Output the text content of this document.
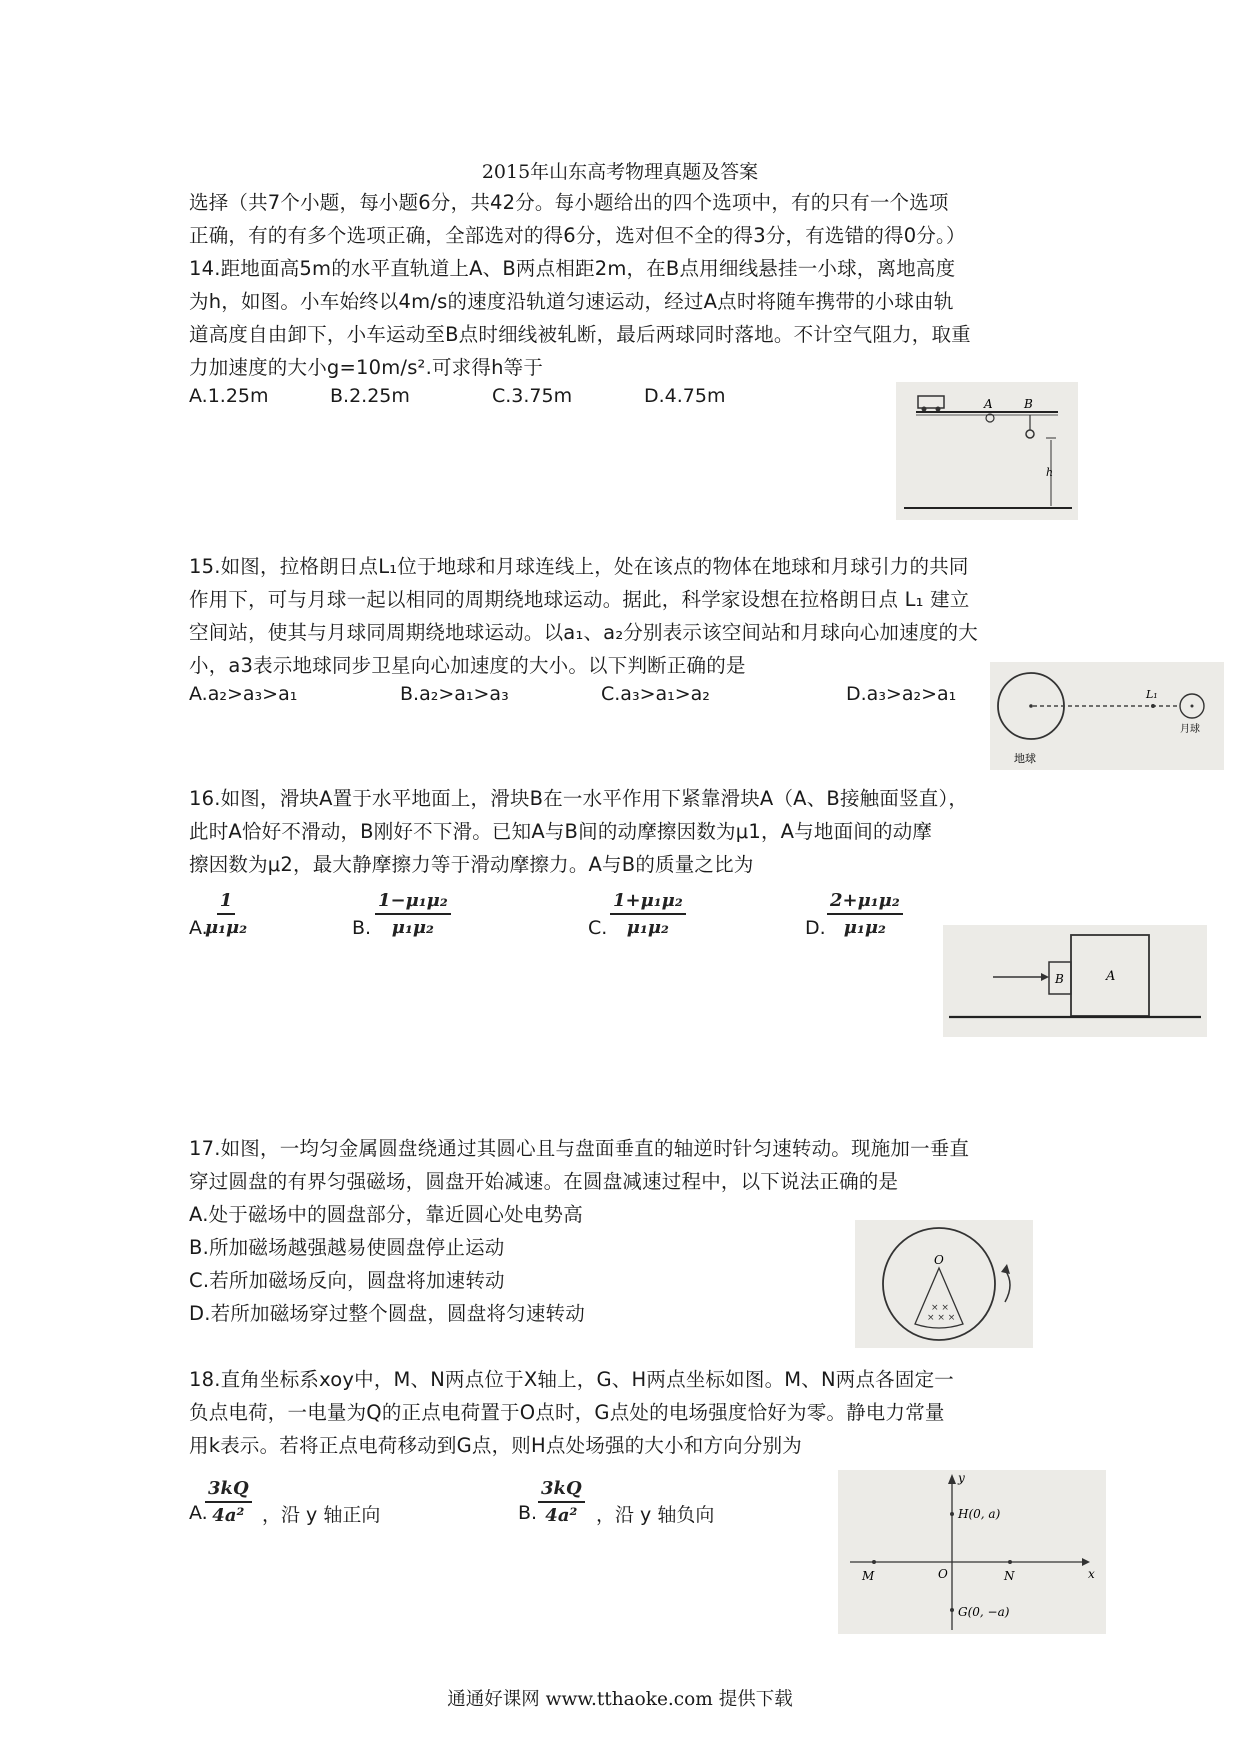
2015年山东高考物理真题及答案
选择（共7个小题，每小题6分，共42分。每小题给出的四个选项中，有的只有一个选项
正确，有的有多个选项正确，全部选对的得6分，选对但不全的得3分，有选错的得0分。）
14.距地面高5m的水平直轨道上A、B两点相距2m，在B点用细线悬挂一小球，离地高度
为h，如图。小车始终以4m/s的速度沿轨道匀速运动，经过A点时将随车携带的小球由轨
道高度自由卸下，小车运动至B点时细线被轧断，最后两球同时落地。不计空气阻力，取重
力加速度的大小g=10m/s².可求得h等于
A.1.25m	B.2.25m	C.3.75m	D.4.75m	A	B
h
15.如图，拉格朗日点L₁位于地球和月球连线上，处在该点的物体在地球和月球引力的共同
作用下，可与月球一起以相同的周期绕地球运动。据此，科学家设想在拉格朗日点 L₁ 建立
空间站，使其与月球同周期绕地球运动。以a₁、a₂分别表示该空间站和月球向心加速度的大
小，a3表示地球同步卫星向心加速度的大小。以下判断正确的是
A.a₂>a₃>a₁	B.a₂>a₁>a₃	C.a₃>a₁>a₂	D.a₃>a₂>a₁
地球
月球
L₁
16.如图，滑块A置于水平地面上，滑块B在一水平作用下紧靠滑块A（A、B接触面竖直），
此时A恰好不滑动，B刚好不下滑。已知A与B间的动摩擦因数为μ1，A与地面间的动摩
擦因数为μ2，最大静摩擦力等于滑动摩擦力。A与B的质量之比为
A.
$\frac{1}{\text{μ₁μ₂}}$	B. $\frac{\text{1−μ₁μ₂}}{\text{μ₁μ₂}}$	C. $\frac{\text{1+μ₁μ₂}}{\text{μ₁μ₂}}$	D. $\frac{\text{2+μ₁μ₂}}{\text{μ₁μ₂}}$
B	A
17.如图，一均匀金属圆盘绕通过其圆心且与盘面垂直的轴逆时针匀速转动。现施加一垂直
穿过圆盘的有界匀强磁场，圆盘开始减速。在圆盘减速过程中，以下说法正确的是
A.处于磁场中的圆盘部分，靠近圆心处电势高
B.所加磁场越强越易使圆盘停止运动
C.若所加磁场反向，圆盘将加速转动
D.若所加磁场穿过整个圆盘，圆盘将匀速转动	× ×
× × ×
O
18.直角坐标系xoy中，M、N两点位于X轴上，G、H两点坐标如图。M、N两点各固定一
负点电荷，一电量为Q的正点电荷置于O点时，G点处的电场强度恰好为零。静电力常量
用k表示。若将正点电荷移动到G点，则H点处场强的大小和方向分别为
A.
$\frac{3kQ}{\text{4a²}}$ ，沿 y 轴正向	B. $\frac{3kQ}{\text{4a²}}$ ，沿 y 轴负向
y
x
H(0, a)
G(0, −a)
M	N
O
通通好课网 www.tthaoke.com 提供下载
